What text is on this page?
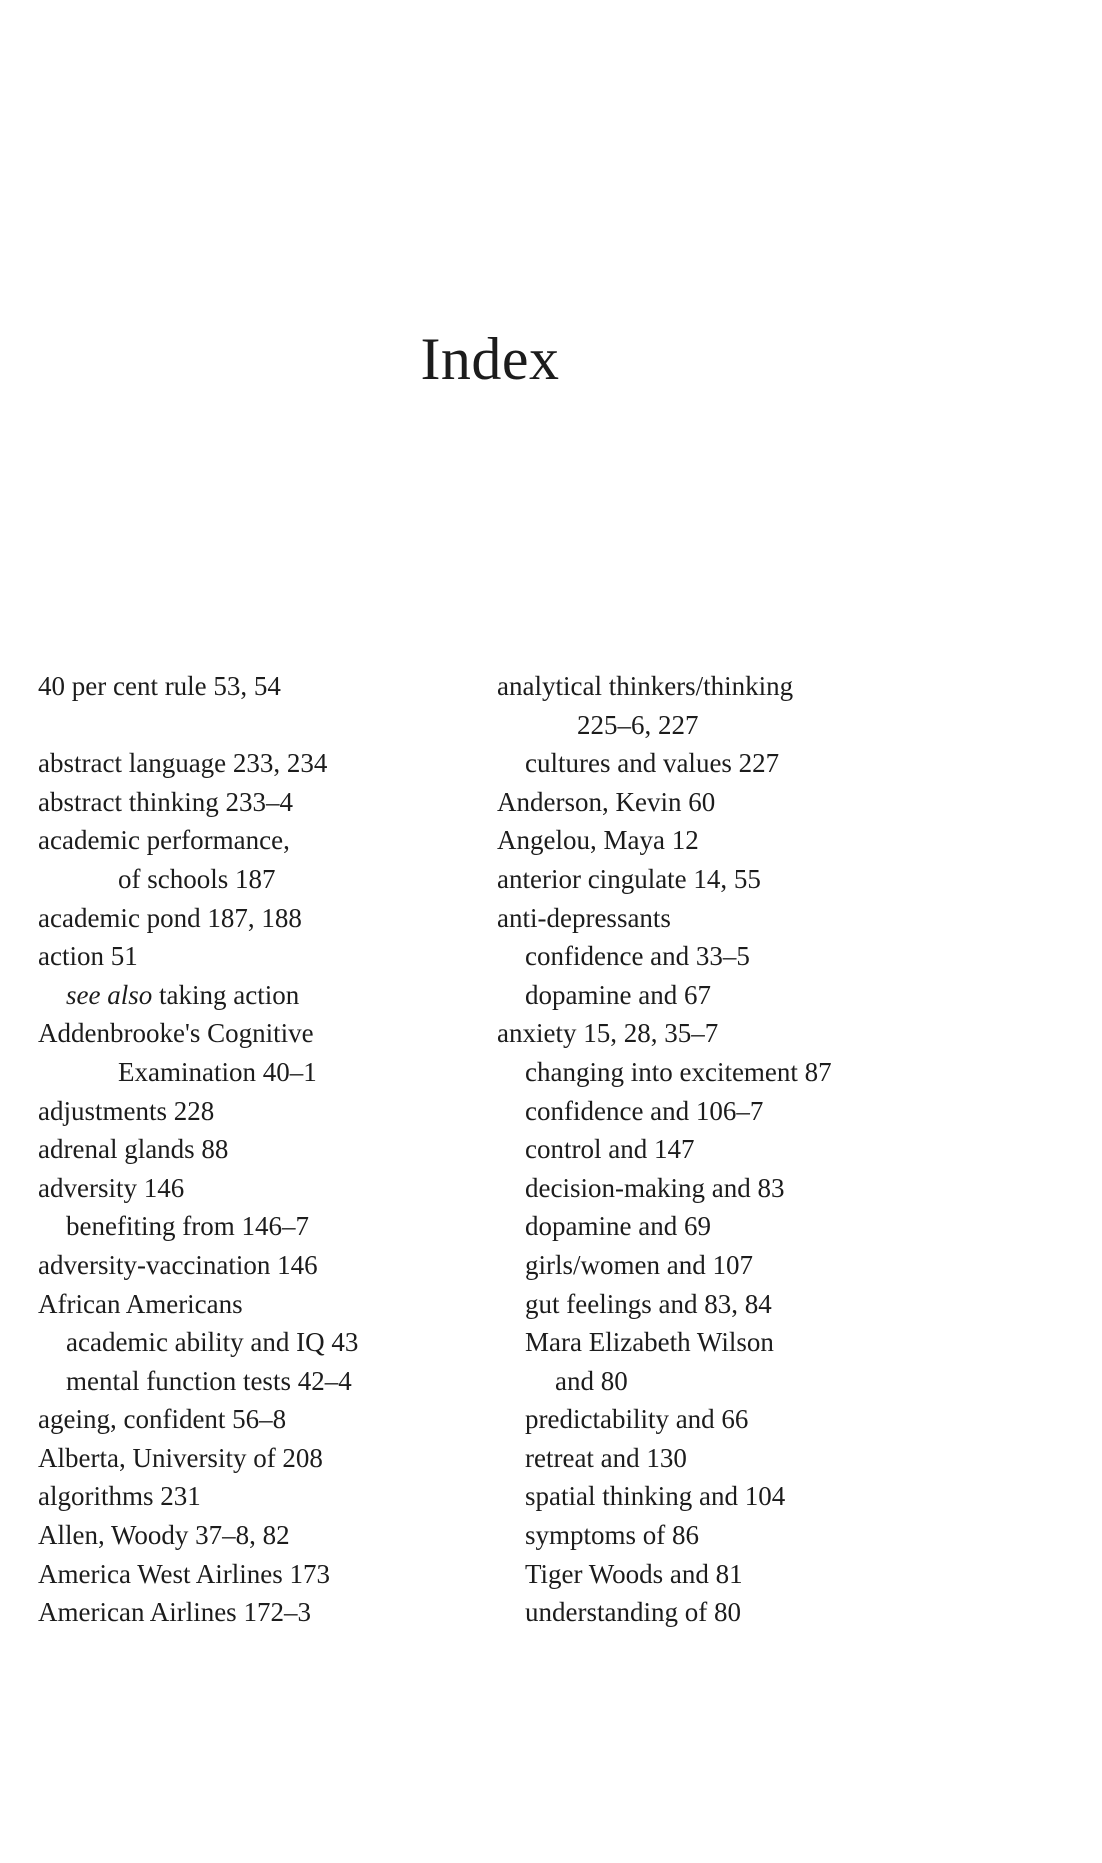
Index
40 per cent rule 53, 54
abstract language 233, 234
abstract thinking 233–4
academic performance,
of schools 187
academic pond 187, 188
action 51
see also taking action
Addenbrooke's Cognitive
Examination 40–1
adjustments 228
adrenal glands 88
adversity 146
benefiting from 146–7
adversity-vaccination 146
African Americans
academic ability and IQ 43
mental function tests 42–4
ageing, confident 56–8
Alberta, University of 208
algorithms 231
Allen, Woody 37–8, 82
America West Airlines 173
American Airlines 172–3
analytical thinkers/thinking
225–6, 227
cultures and values 227
Anderson, Kevin 60
Angelou, Maya 12
anterior cingulate 14, 55
anti-depressants
confidence and 33–5
dopamine and 67
anxiety 15, 28, 35–7
changing into excitement 87
confidence and 106–7
control and 147
decision-making and 83
dopamine and 69
girls/women and 107
gut feelings and 83, 84
Mara Elizabeth Wilson
and 80
predictability and 66
retreat and 130
spatial thinking and 104
symptoms of 86
Tiger Woods and 81
understanding of 80
